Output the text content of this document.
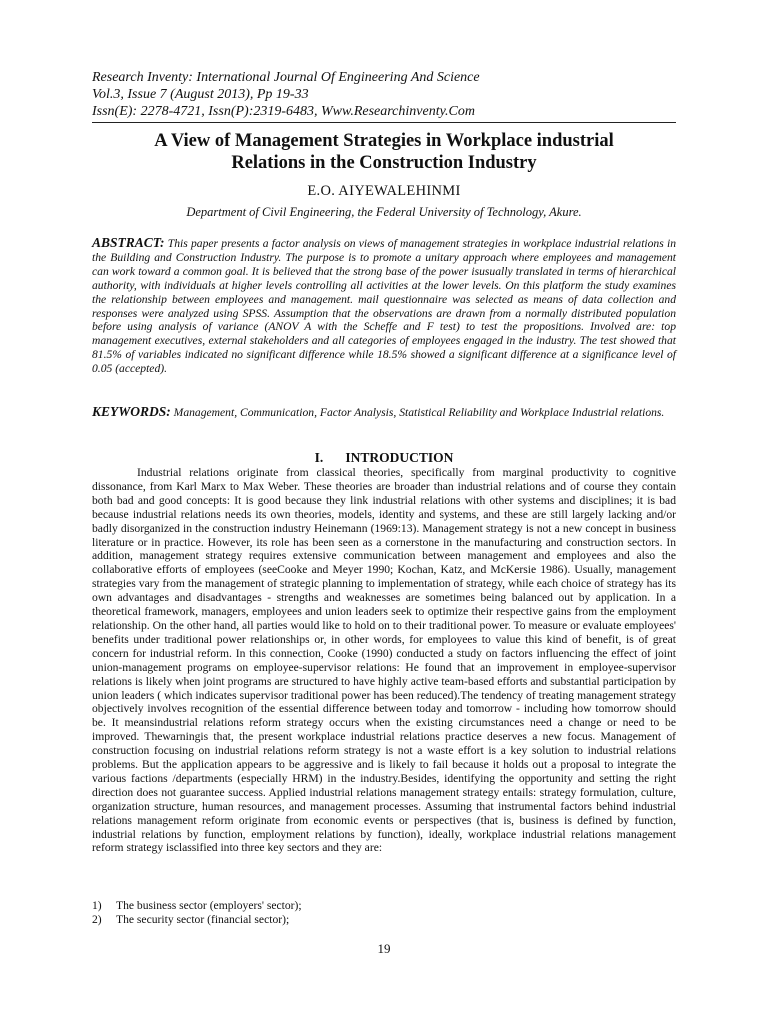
Research Inventy: International Journal Of Engineering And Science
Vol.3, Issue 7 (August 2013), Pp 19-33
Issn(E): 2278-4721, Issn(P):2319-6483, Www.Researchinventy.Com
A View of Management Strategies in Workplace industrial
Relations in the Construction Industry
E.O. AIYEWALEHINMI
Department of Civil Engineering, the Federal University of Technology, Akure.
ABSTRACT: This paper presents a factor analysis on views of management strategies in workplace industrial relations in the Building and Construction Industry. The purpose is to promote a unitary approach where employees and management can work toward a common goal. It is believed that the strong base of the power isusually translated in terms of hierarchical authority, with individuals at higher levels controlling all activities at the lower levels. On this platform the study examines the relationship between employees and management. mail questionnaire was selected as means of data collection and responses were analyzed using SPSS. Assumption that the observations are drawn from a normally distributed population before using analysis of variance (ANOV A with the Scheffe and F test) to test the propositions. Involved are: top management executives, external stakeholders and all categories of employees engaged in the industry. The test showed that 81.5% of variables indicated no significant difference while 18.5% showed a significant difference at a significance level of 0.05 (accepted).
KEYWORDS: Management, Communication, Factor Analysis, Statistical Reliability and Workplace Industrial relations.
I. INTRODUCTION

Industrial relations originate from classical theories, specifically from marginal productivity to cognitive dissonance, from Karl Marx to Max Weber. These theories are broader than industrial relations and of course they contain both bad and good concepts: It is good because they link industrial relations with other systems and disciplines; it is bad because industrial relations needs its own theories, models, identity and systems, and these are still largely lacking and/or badly disorganized in the construction industry Heinemann (1969:13). Management strategy is not a new concept in business literature or in practice. However, its role has been seen as a cornerstone in the manufacturing and construction sectors. In addition, management strategy requires extensive communication between management and employees and also the collaborative efforts of employees (seeCooke and Meyer 1990; Kochan, Katz, and McKersie 1986). Usually, management strategies vary from the management of strategic planning to implementation of strategy, while each choice of strategy has its own advantages and disadvantages - strengths and weaknesses are sometimes being balanced out by application. In a theoretical framework, managers, employees and union leaders seek to optimize their respective gains from the employment relationship. On the other hand, all parties would like to hold on to their traditional power. To measure or evaluate employees' benefits under traditional power relationships or, in other words, for employees to value this kind of benefit, is of great concern for industrial reform. In this connection, Cooke (1990) conducted a study on factors influencing the effect of joint union-management programs on employee-supervisor relations: He found that an improvement in employee-supervisor relations is likely when joint programs are structured to have highly active team-based efforts and substantial participation by union leaders ( which indicates supervisor traditional power has been reduced).The tendency of treating management strategy objectively involves recognition of the essential difference between today and tomorrow - including how tomorrow should be. It meansindustrial relations reform strategy occurs when the existing circumstances need a change or need to be improved. Thewarningis that, the present workplace industrial relations practice deserves a new focus. Management of construction focusing on industrial relations reform strategy is not a waste effort is a key solution to industrial relations problems. But the application appears to be aggressive and is likely to fail because it holds out a proposal to integrate the various factions /departments (especially HRM) in the industry.Besides, identifying the opportunity and setting the right direction does not guarantee success. Applied industrial relations management strategy entails: strategy formulation, culture, organization structure, human resources, and management processes. Assuming that instrumental factors behind industrial relations management reform originate from economic events or perspectives (that is, business is defined by function, industrial relations by function, employment relations by function), ideally, workplace industrial relations management reform strategy isclassified into three key sectors and they are:

1)	The business sector (employers' sector);
2)	The security sector (financial sector);
19
